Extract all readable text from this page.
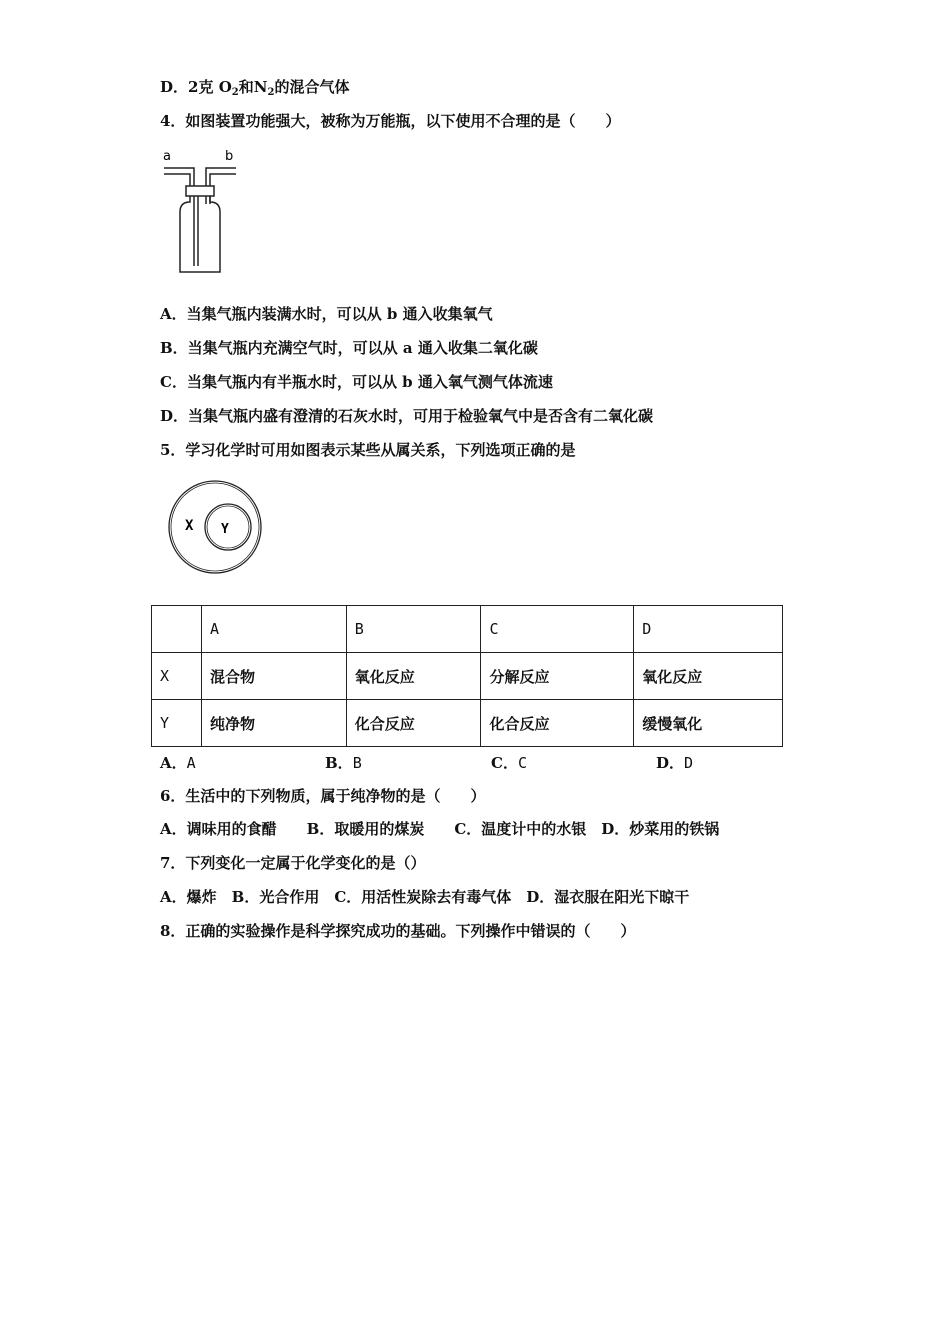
D．2克 $O_2$和$N_2$的混合气体
4．如图装置功能强大，被称为万能瓶，以下使用不合理的是（　　）
a	b
A．当集气瓶内装满水时，可以从 b 通入收集氧气
B．当集气瓶内充满空气时，可以从 a 通入收集二氧化碳
C．当集气瓶内有半瓶水时，可以从 b 通入氧气测气体流速
D．当集气瓶内盛有澄清的石灰水时，可用于检验氧气中是否含有二氧化碳
5．学习化学时可用如图表示某些从属关系，下列选项正确的是
X Y
	A	B	C	D
X	混合物	氧化反应	分解反应	氧化反应
Y	纯净物	化合反应	化合反应	缓慢氧化
A．A	B．B	C．C	D．D
6．生活中的下列物质，属于纯净物的是（　　）
A．调味用的食醋　　B．取暖用的煤炭　　C．温度计中的水银　D．炒菜用的铁锅
7．下列变化一定属于化学变化的是（）
A．爆炸　B．光合作用　C．用活性炭除去有毒气体　D．湿衣服在阳光下晾干
8．正确的实验操作是科学探究成功的基础。下列操作中错误的（　　）
